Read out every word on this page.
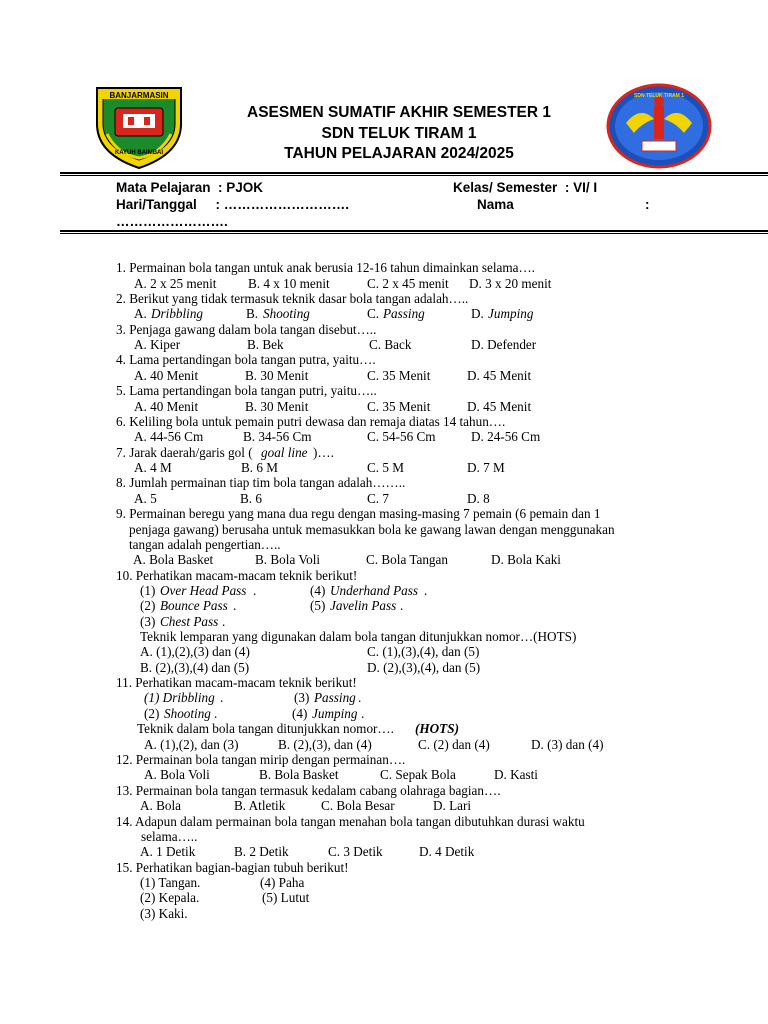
BANJARMASIN
KAYUH BAIMBAI
SDN TELUK TIRAM 1
ASESMEN SUMATIF AKHIR SEMESTER 1
SDN TELUK TIRAM 1
TAHUN PELAJARAN 2024/2025
Mata Pelajaran  : PJOK	Kelas/ Semester  : VI/ I
Hari/Tanggal     : ……………………….	Nama	:
…………………….
1. Permainan bola tangan untuk anak berusia 12-16 tahun dimainkan selama….
A. 2 x 25 menit B. 4 x 10 menit	C. 2 x 45 menit D. 3 x 20 menit
2. Berikut yang tidak termasuk teknik dasar bola tangan adalah…..
A. Dribbling	B. Shooting	C. Passing	D. Jumping
3. Penjaga gawang dalam bola tangan disebut…..
A. Kiper	B. Bek	C. Back	D. Defender
4. Lama pertandingan bola tangan putra, yaitu….
A. 40 Menit	B. 30 Menit	C. 35 Menit	D. 45 Menit
5. Lama pertandingan bola tangan putri, yaitu…..
A. 40 Menit	B. 30 Menit	C. 35 Menit	D. 45 Menit
6. Keliling bola untuk pemain putri dewasa dan remaja diatas 14 tahun….
A. 44-56 Cm	B. 34-56 Cm	C. 54-56 Cm	D. 24-56 Cm
7. Jarak daerah/garis gol ( goal line )….
A. 4 M	B. 6 M	C. 5 M	D. 7 M
8. Jumlah permainan tiap tim bola tangan adalah……..
A. 5	B. 6	C. 7	D. 8
9. Permainan beregu yang mana dua regu dengan masing-masing 7 pemain (6 pemain dan 1
penjaga gawang) berusaha untuk memasukkan bola ke gawang lawan dengan menggunakan
tangan adalah pengertian…..
A. Bola Basket	B. Bola Voli	C. Bola Tangan	D. Bola Kaki
10. Perhatikan macam-macam teknik berikut!
(1) Over Head Pass .	(4) Underhand Pass .
(2) Bounce Pass .	(5) Javelin Pass .
(3) Chest Pass .
Teknik lemparan yang digunakan dalam bola tangan ditunjukkan nomor…(HOTS)
A. (1),(2),(3) dan (4)	C. (1),(3),(4), dan (5)
B. (2),(3),(4) dan (5)	D. (2),(3),(4), dan (5)
11. Perhatikan macam-macam teknik berikut!
(1) Dribbling .	(3) Passing .
(2) Shooting .	(4) Jumping .
Teknik dalam bola tangan ditunjukkan nomor…. (HOTS)
A. (1),(2), dan (3)	B. (2),(3), dan (4)	C. (2) dan (4)	D. (3) dan (4)
12. Permainan bola tangan mirip dengan permainan….
A. Bola Voli	B. Bola Basket	C. Sepak Bola	D. Kasti
13. Permainan bola tangan termasuk kedalam cabang olahraga bagian….
A. Bola	B. Atletik	C. Bola Besar	D. Lari
14. Adapun dalam permainan bola tangan menahan bola tangan dibutuhkan durasi waktu
selama…..
A. 1 Detik	B. 2 Detik	C. 3 Detik	D. 4 Detik
15. Perhatikan bagian-bagian tubuh berikut!
(1) Tangan.	(4) Paha
(2) Kepala.	(5) Lutut
(3) Kaki.
